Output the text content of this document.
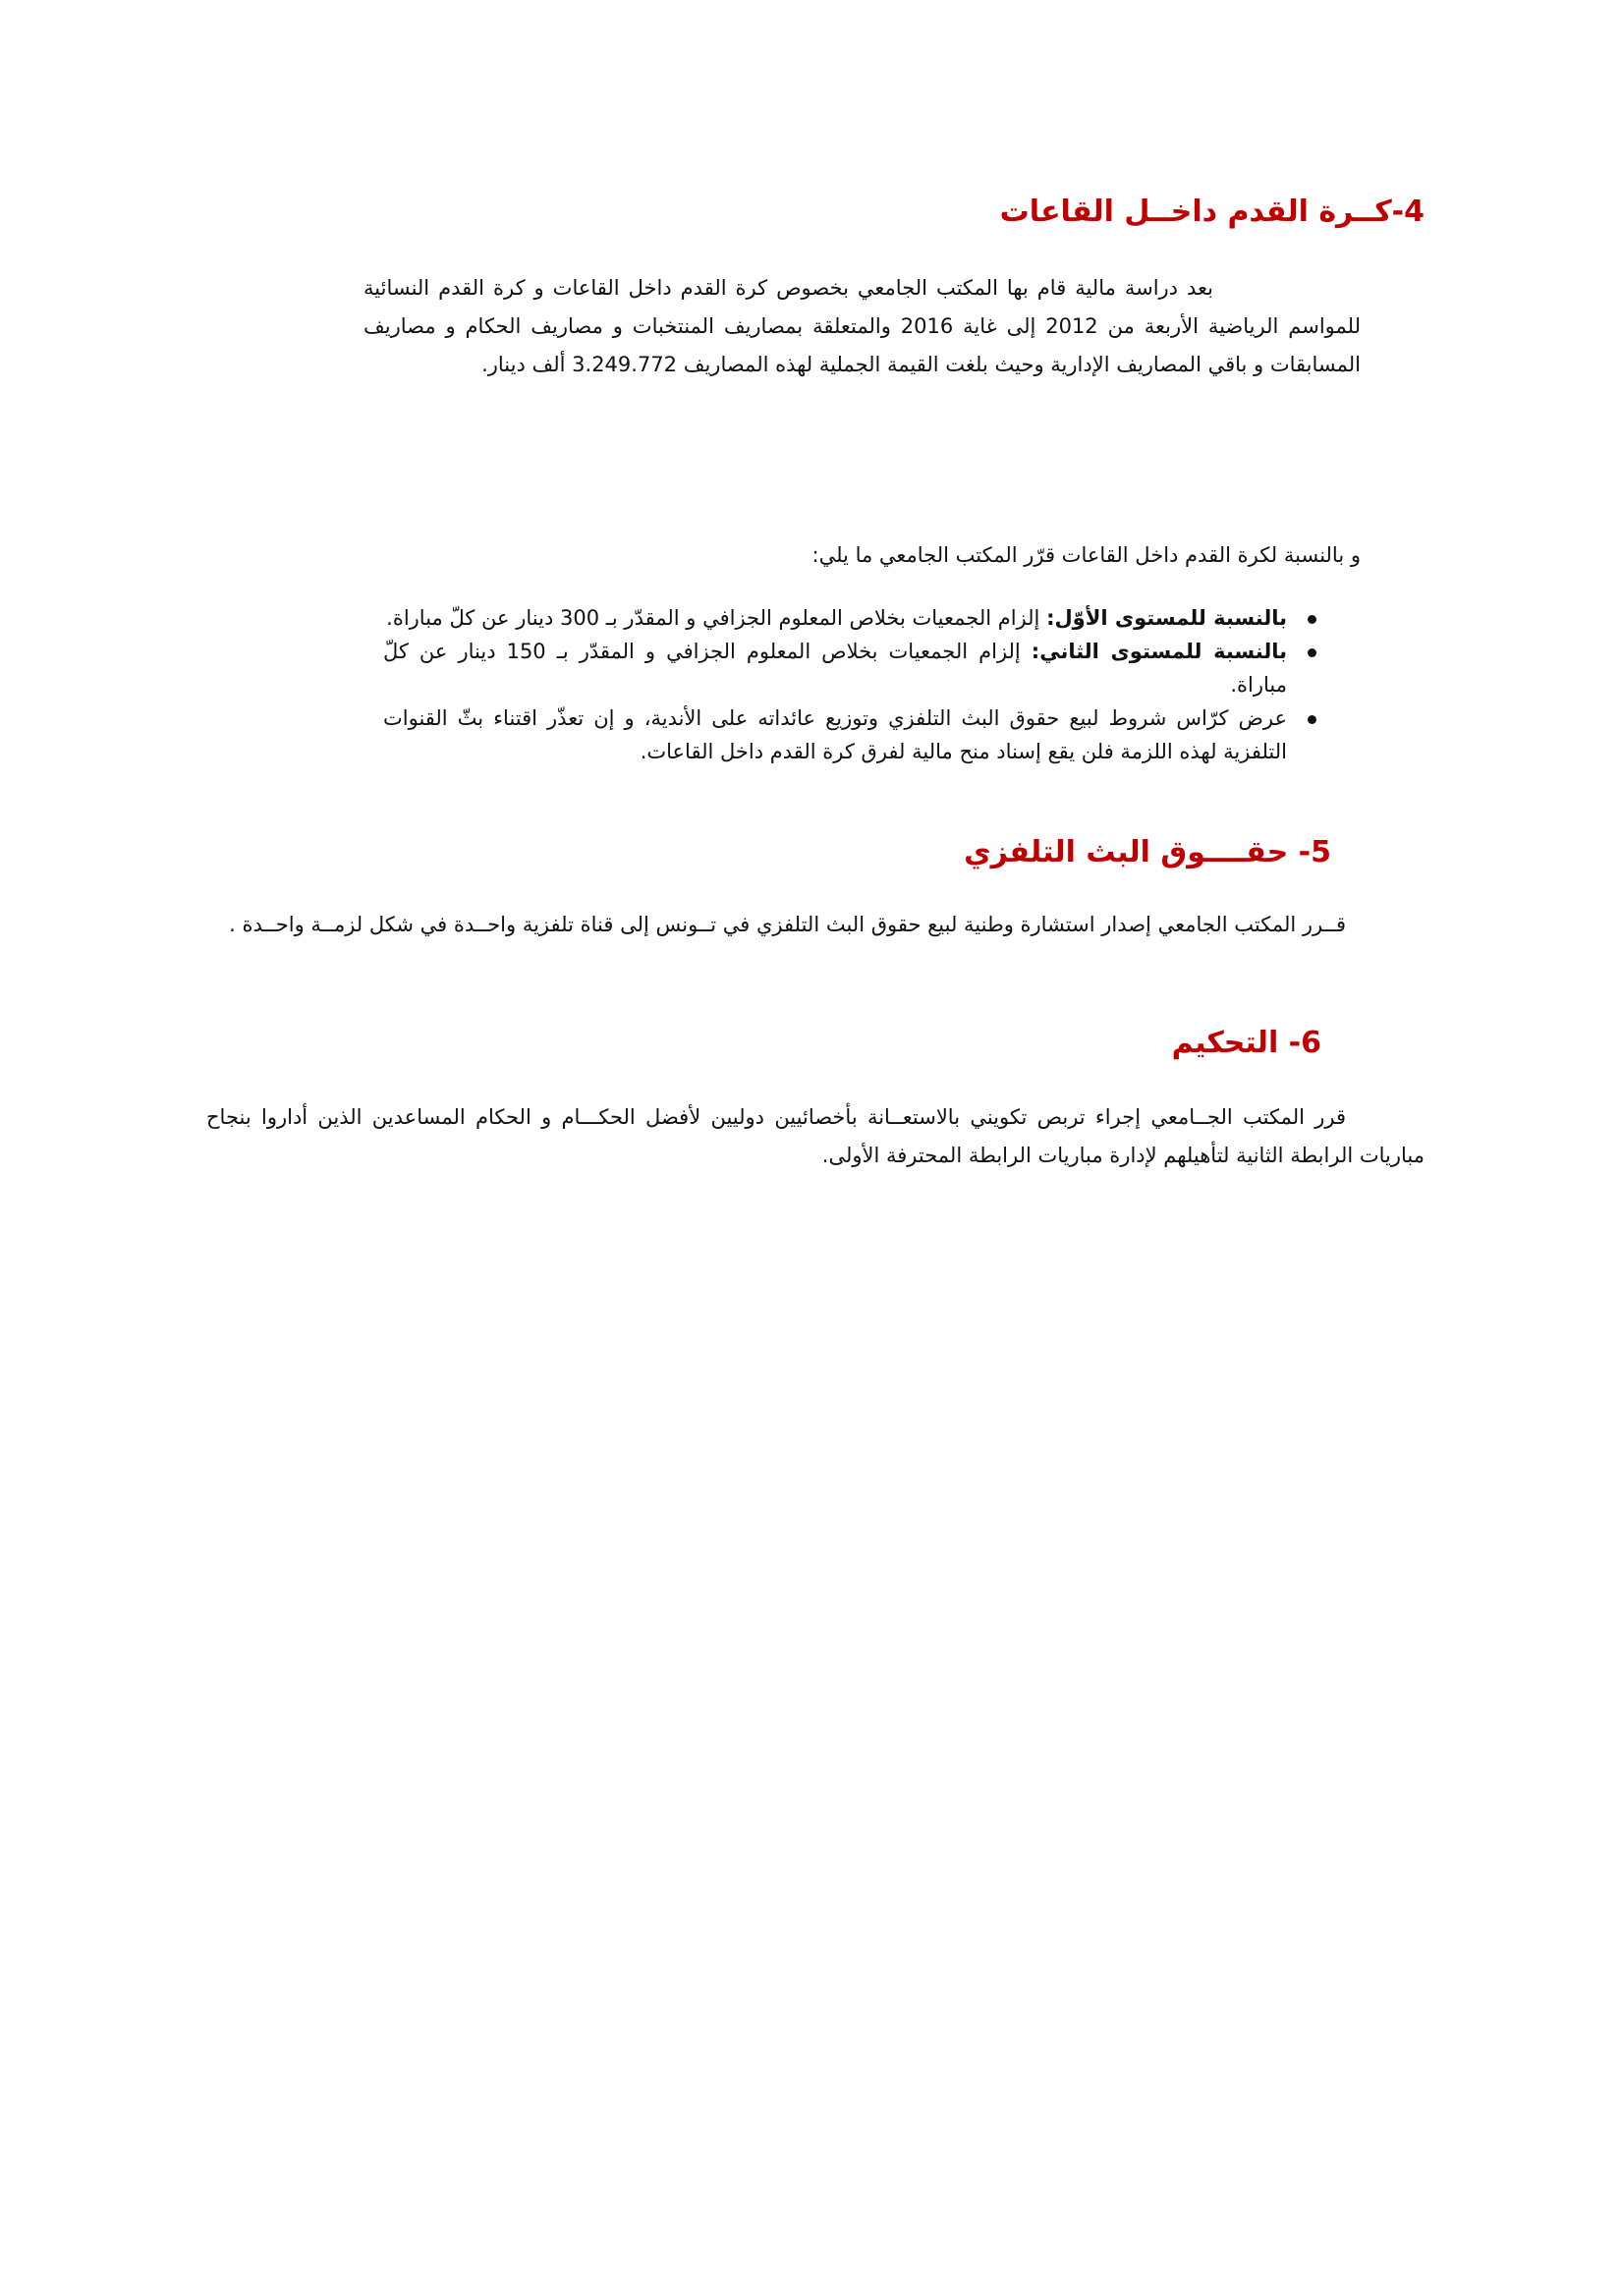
4-كــرة القدم داخــل القاعات

بعد دراسة مالية قام بها المكتب الجامعي بخصوص كرة القدم داخل القاعات و كرة القدم النسائية للمواسم الرياضية الأربعة من 2012 إلى غاية 2016 والمتعلقة بمصاريف المنتخبات و مصاريف الحكام و مصاريف المسابقات و باقي المصاريف الإدارية وحيث بلغت القيمة الجملية لهذه المصاريف 3.249.772 ألف دينار.

و بالنسبة لكرة القدم داخل القاعات قرّر المكتب الجامعي ما يلي:

بالنسبة للمستوى الأوّل: إلزام الجمعيات بخلاص المعلوم الجزافي و المقدّر بـ 300 دينار عن كلّ مباراة.
بالنسبة للمستوى الثاني: إلزام الجمعيات بخلاص المعلوم الجزافي و المقدّر بـ 150 دينار عن كلّ مباراة.
عرض كرّاس شروط لبيع حقوق البث التلفزي وتوزيع عائداته على الأندية، و إن تعذّر اقتناء بثّ القنوات التلفزية لهذه اللزمة فلن يقع إسناد منح مالية لفرق كرة القدم داخل القاعات.
5- حقــــوق البث التلفزي

قــرر المكتب الجامعي إصدار استشارة وطنية لبيع حقوق البث التلفزي في تــونس إلى قناة تلفزية واحــدة في شكل لزمــة واحــدة .

6- التحكيم

قرر المكتب الجــامعي إجراء تربص تكويني بالاستعــانة بأخصائيين دوليين لأفضل الحكـــام و الحكام المساعدين الذين أداروا بنجاح مباريات الرابطة الثانية لتأهيلهم لإدارة مباريات الرابطة المحترفة الأولى.
